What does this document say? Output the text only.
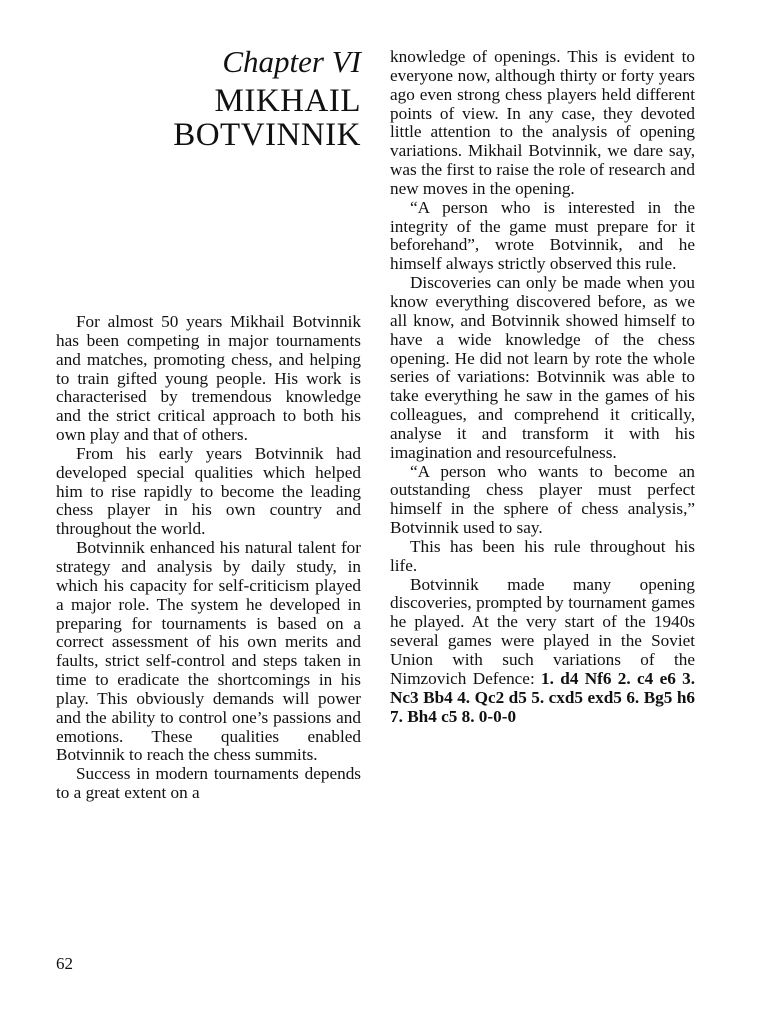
Chapter VI
MIKHAIL
BOTVINNIK

For almost 50 years Mikhail Botvinnik has been competing in major tournaments and matches, promoting chess, and helping to train gifted young people. His work is characterised by tremendous knowledge and the strict critical approach to both his own play and that of others.

From his early years Botvinnik had developed special qualities which helped him to rise rapidly to become the leading chess player in his own country and throughout the world.

Botvinnik enhanced his natural talent for strategy and analysis by daily study, in which his capacity for self-criticism played a major role. The system he developed in preparing for tournaments is based on a correct assessment of his own merits and faults, strict self-control and steps taken in time to eradicate the shortcomings in his play. This obviously demands will power and the ability to control one’s passions and emotions. These qualities enabled Botvinnik to reach the chess summits.

Success in modern tournaments depends to a great extent on a

knowledge of openings. This is evident to everyone now, although thirty or forty years ago even strong chess players held different points of view. In any case, they devoted little attention to the analysis of opening variations. Mikhail Botvinnik, we dare say, was the first to raise the role of research and new moves in the opening.

“A person who is interested in the integrity of the game must prepare for it beforehand”, wrote Botvinnik, and he himself always strictly observed this rule.

Discoveries can only be made when you know everything discovered before, as we all know, and Botvinnik showed himself to have a wide knowledge of the chess opening. He did not learn by rote the whole series of variations: Botvinnik was able to take everything he saw in the games of his colleagues, and comprehend it critically, analyse it and transform it with his imagination and resourcefulness.

“A person who wants to become an outstanding chess player must perfect himself in the sphere of chess analysis,” Botvinnik used to say.

This has been his rule throughout his life.

Botvinnik made many opening discoveries, prompted by tournament games he played. At the very start of the 1940s several games were played in the Soviet Union with such variations of the Nimzovich Defence: 1. d4 Nf6 2. c4 e6 3. Nc3 Bb4 4. Qc2 d5 5. cxd5 exd5 6. Bg5 h6 7. Bh4 c5 8. 0-0-0

62
